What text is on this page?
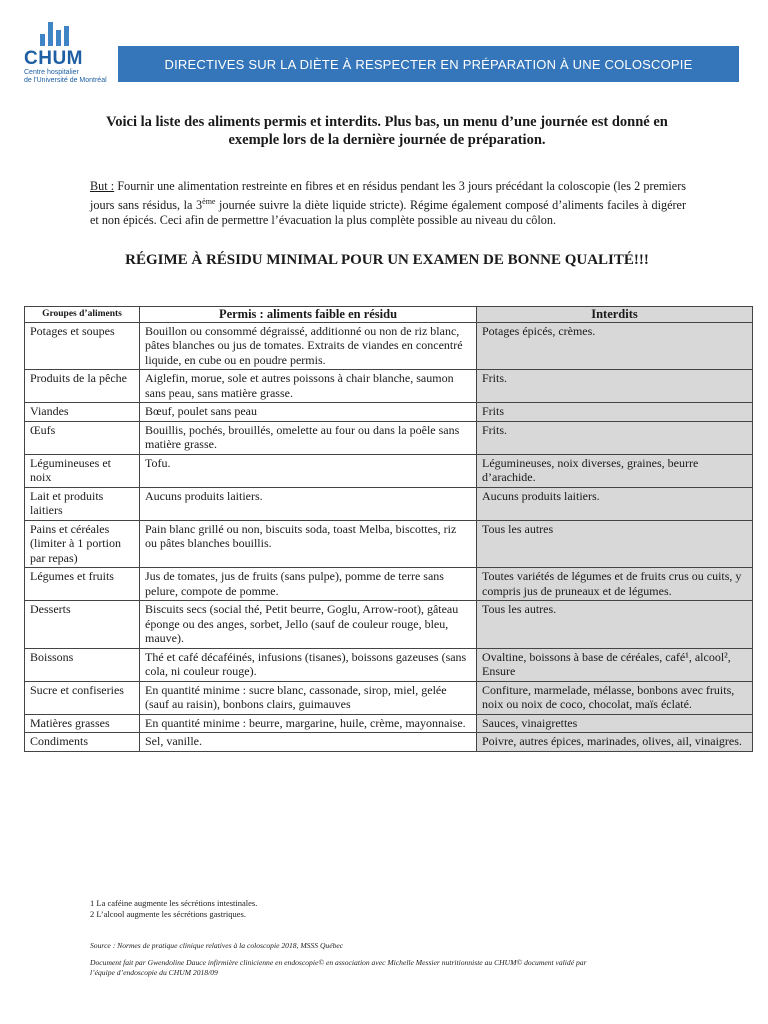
CHUM
Centre hospitalier
de l'Université de Montréal
DIRECTIVES SUR LA DIÈTE À RESPECTER EN PRÉPARATION À UNE COLOSCOPIE
Voici la liste des aliments permis et interdits. Plus bas, un menu d’une journée est donné en
exemple lors de la dernière journée de préparation.
But : Fournir une alimentation restreinte en fibres et en résidus pendant les 3 jours précédant la coloscopie (les 2 premiers jours sans résidus, la 3ème journée suivre la diète liquide stricte). Régime également composé d’aliments faciles à digérer et non épicés. Ceci afin de permettre l’évacuation la plus complète possible au niveau du côlon.
RÉGIME À RÉSIDU MINIMAL POUR UN EXAMEN DE BONNE QUALITÉ!!!
Groupes d’aliments	Permis : aliments faible en résidu	Interdits
Potages et soupes	Bouillon ou consommé dégraissé, additionné ou non de riz blanc, pâtes blanches ou jus de tomates. Extraits de viandes en concentré liquide, en cube ou en poudre permis.	Potages épicés, crèmes.
Produits de la pêche	Aiglefin, morue, sole et autres poissons à chair blanche, saumon sans peau, sans matière grasse.	Frits.
Viandes	Bœuf, poulet sans peau	Frits
Œufs	Bouillis, pochés, brouillés, omelette au four ou dans la poêle sans matière grasse.	Frits.
Légumineuses et noix	Tofu.	Légumineuses, noix diverses, graines, beurre d’arachide.
Lait et produits laitiers	Aucuns produits laitiers.	Aucuns produits laitiers.
Pains et céréales (limiter à 1 portion par repas)	Pain blanc grillé ou non, biscuits soda, toast Melba, biscottes, riz ou pâtes blanches bouillis.	Tous les autres
Légumes et fruits	Jus de tomates, jus de fruits (sans pulpe), pomme de terre sans pelure, compote de pomme.	Toutes variétés de légumes et de fruits crus ou cuits, y compris jus de pruneaux et de légumes.
Desserts	Biscuits secs (social thé, Petit beurre, Goglu, Arrow-root), gâteau éponge ou des anges, sorbet, Jello (sauf de couleur rouge, bleu, mauve).	Tous les autres.
Boissons	Thé et café décaféinés, infusions (tisanes), boissons gazeuses (sans cola, ni couleur rouge).	Ovaltine, boissons à base de céréales, café¹, alcool², Ensure
Sucre et confiseries	En quantité minime : sucre blanc, cassonade, sirop, miel, gelée (sauf au raisin), bonbons clairs, guimauves	Confiture, marmelade, mélasse, bonbons avec fruits, noix ou noix de coco, chocolat, maïs éclaté.
Matières grasses	En quantité minime : beurre, margarine, huile, crème, mayonnaise.	Sauces, vinaigrettes
Condiments	Sel, vanille.	Poivre, autres épices, marinades, olives, ail, vinaigres.
1 La caféine augmente les sécrétions intestinales.
2 L’alcool augmente les sécrétions gastriques.
Source : Normes de pratique clinique relatives à la coloscopie 2018, MSSS Québec
Document fait par Gwendoline Dauce infirmière clinicienne en endoscopie© en association avec Michelle Messier nutritionniste au CHUM© document validé par
l’équipe d’endoscopie du CHUM 2018/09
